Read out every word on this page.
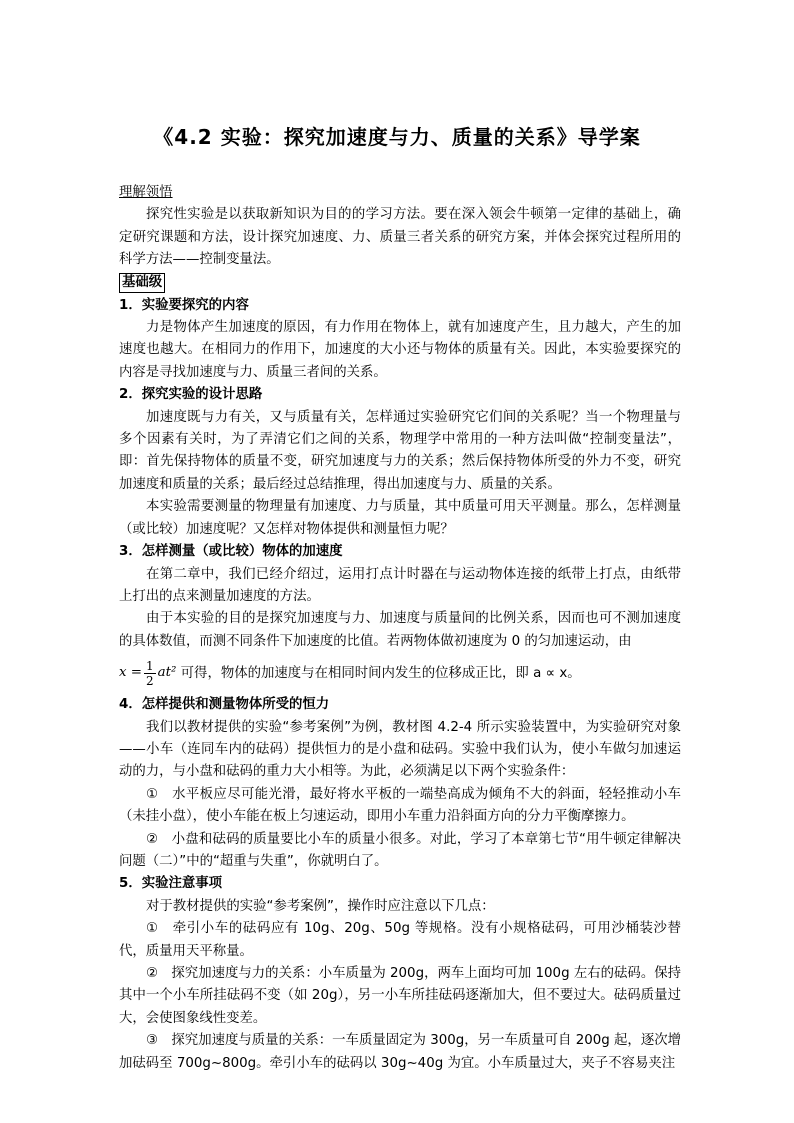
《4.2 实验：探究加速度与力、质量的关系》导学案

理解领悟

探究性实验是以获取新知识为目的的学习方法。要在深入领会牛顿第一定律的基础上，确定研究课题和方法，设计探究加速度、力、质量三者关系的研究方案，并体会探究过程所用的科学方法——控制变量法。

基础级

1．实验要探究的内容

力是物体产生加速度的原因，有力作用在物体上，就有加速度产生，且力越大，产生的加速度也越大。在相同力的作用下，加速度的大小还与物体的质量有关。因此，本实验要探究的内容是寻找加速度与力、质量三者间的关系。

2．探究实验的设计思路

加速度既与力有关，又与质量有关，怎样通过实验研究它们间的关系呢？当一个物理量与多个因素有关时，为了弄清它们之间的关系，物理学中常用的一种方法叫做“控制变量法”，即：首先保持物体的质量不变，研究加速度与力的关系；然后保持物体所受的外力不变，研究加速度和质量的关系；最后经过总结推理，得出加速度与力、质量的关系。

本实验需要测量的物理量有加速度、力与质量，其中质量可用天平测量。那么，怎样测量（或比较）加速度呢？又怎样对物体提供和测量恒力呢？

3．怎样测量（或比较）物体的加速度

在第二章中，我们已经介绍过，运用打点计时器在与运动物体连接的纸带上打点，由纸带上打出的点来测量加速度的方法。

由于本实验的目的是探究加速度与力、加速度与质量间的比例关系，因而也可不测加速度的具体数值，而测不同条件下加速度的比值。若两物体做初速度为 0 的匀加速运动，由

$x = \frac{1}{2} at^2$ 可得，物体的加速度与在相同时间内发生的位移成正比，即 a ∝ x。

4．怎样提供和测量物体所受的恒力

我们以教材提供的实验“参考案例”为例，教材图 4.2-4 所示实验装置中，为实验研究对象——小车（连同车内的砝码）提供恒力的是小盘和砝码。实验中我们认为，使小车做匀加速运动的力，与小盘和砝码的重力大小相等。为此，必须满足以下两个实验条件：

①　水平板应尽可能光滑，最好将水平板的一端垫高成为倾角不大的斜面，轻轻推动小车（未挂小盘），使小车能在板上匀速运动，即用小车重力沿斜面方向的分力平衡摩擦力。

②　小盘和砝码的质量要比小车的质量小很多。对此，学习了本章第七节“用牛顿定律解决问题（二）”中的“超重与失重”，你就明白了。

5．实验注意事项

对于教材提供的实验“参考案例”，操作时应注意以下几点：

①　牵引小车的砝码应有 10g、20g、50g 等规格。没有小规格砝码，可用沙桶装沙替代，质量用天平称量。

②　探究加速度与力的关系：小车质量为 200g，两车上面均可加 100g 左右的砝码。保持其中一个小车所挂砝码不变（如 20g），另一小车所挂砝码逐渐加大，但不要过大。砝码质量过大，会使图象线性变差。

③　探究加速度与质量的关系：一车质量固定为 300g，另一车质量可自 200g 起，逐次增加砝码至 700g~800g。牵引小车的砝码以 30g~40g 为宜。小车质量过大，夹子不容易夹注
